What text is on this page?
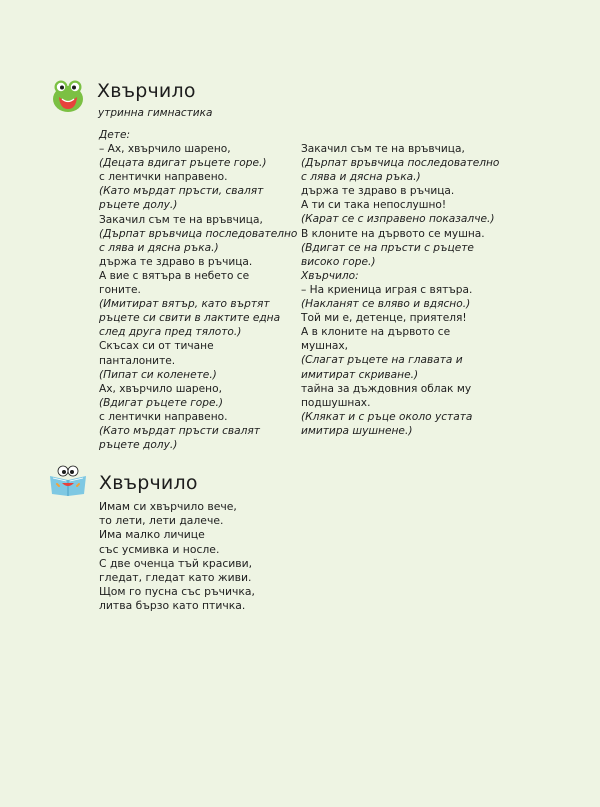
Хвърчило

утринна гимнастика

Дете:
– Ах, хвърчило шарено,
(Децата вдигат ръцете горе.)
с лентички направено.
(Като мърдат пръсти, свалят
ръцете долу.)
Закачил съм те на връвчица,
(Дърпат връвчица последователно
с лява и дясна ръка.)
държа те здраво в ръчица.
А вие с вятъра в небето се
гоните.
(Имитират вятър, като въртят
ръцете си свити в лактите една
след друга пред тялото.)
Скъсах си от тичане
панталоните.
(Пипат си коленете.)
Ах, хвърчило шарено,
(Вдигат ръцете горе.)
с лентички направено.
(Като мърдат пръсти свалят
ръцете долу.)
Закачил съм те на връвчица,
(Дърпат връвчица последователно
с лява и дясна ръка.)
държа те здраво в ръчица.
А ти си така непослушно!
(Карат се с изправено показалче.)
В клоните на дървото се мушна.
(Вдигат се на пръсти с ръцете
високо горе.)
Хвърчило:
– На криеница играя с вятъра.
(Накланят се вляво и вдясно.)
Той ми е, детенце, приятеля!
А в клоните на дървото се
мушнах,
(Слагат ръцете на главата и
имитират скриване.)
тайна за дъждовния облак му
подшушнах.
(Клякат и с ръце около устата
имитира шушнене.)
Хвърчило
Имам си хвърчило вече,
то лети, лети далече.
Има малко личице
със усмивка и носле.
С две оченца тъй красиви,
гледат, гледат като живи.
Щом го пусна със ръчичка,
литва бързо като птичка.
